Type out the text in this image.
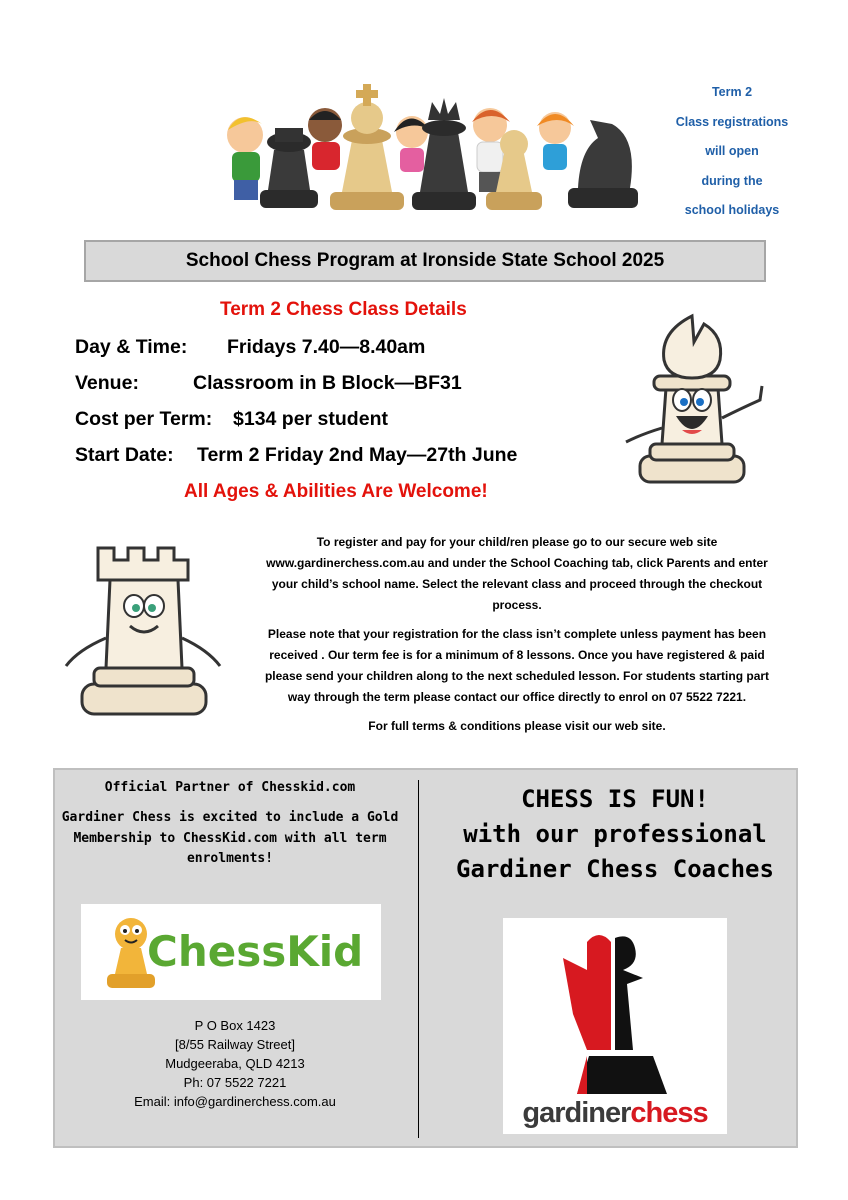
Term 2
Class registrations
will open
during the
school holidays
School Chess Program at Ironside State School 2025
Term 2 Chess Class Details
Day & Time: Fridays 7.40—8.40am
Venue:	Classroom in B Block—BF31
Cost per Term: $134 per student
Start Date: Term 2 Friday 2nd May—27th June
All Ages & Abilities Are Welcome!

To register and pay for your child/ren please go to our secure web site www.gardinerchess.com.au and under the School Coaching tab, click Parents and enter your child’s school name. Select the relevant class and proceed through the checkout process.

Please note that your registration for the class isn’t complete unless payment has been received . Our term fee is for a minimum of 8 lessons. Once you have registered & paid please send your children along to the next scheduled lesson. For students starting part way through the term please contact our office directly to enrol on 07 5522 7221.

For full terms & conditions please visit our web site.

Official Partner of Chesskid.com
Gardiner Chess is excited to include a Gold Membership to ChessKid.com with all term enrolments!
ChessKid
P O Box 1423
[8/55 Railway Street]
Mudgeeraba, QLD 4213
Ph: 07 5522 7221
Email: info@gardinerchess.com.au
CHESS IS FUN!
with our professional
Gardiner Chess Coaches
gardinerchess
